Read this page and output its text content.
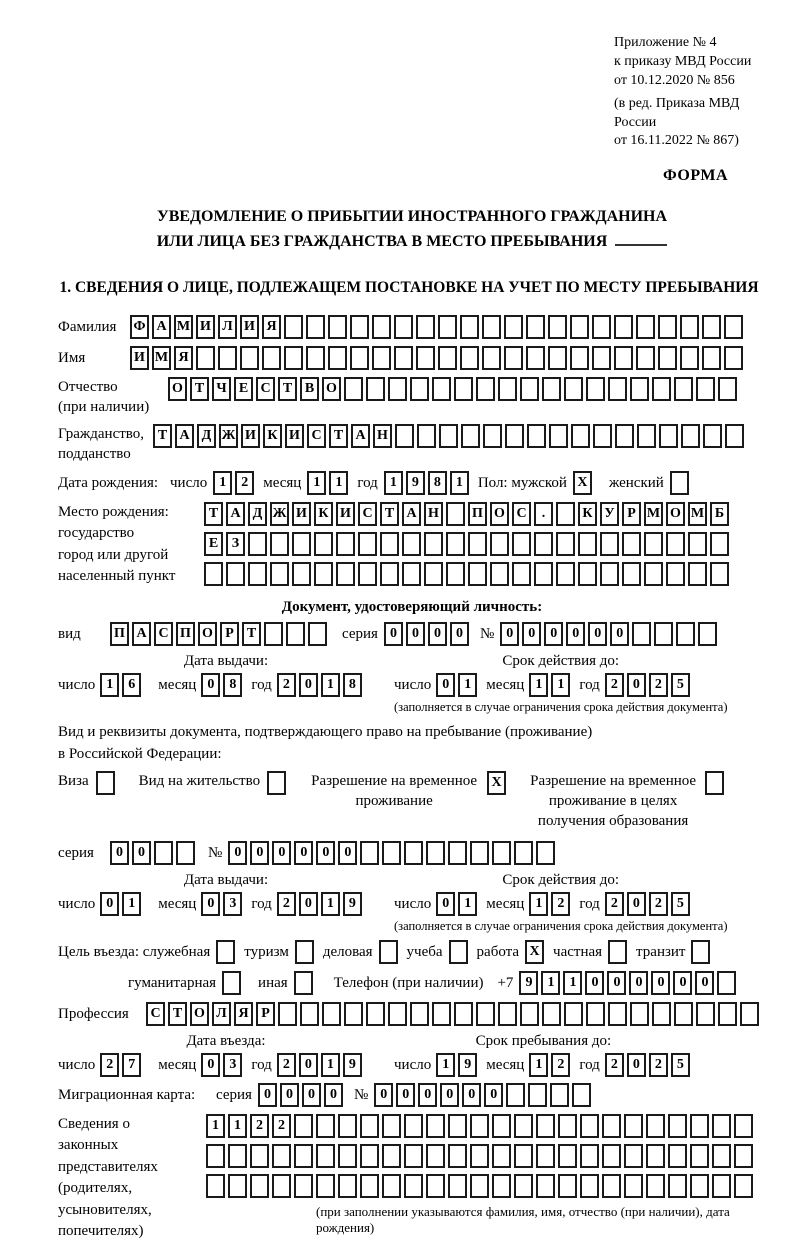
Приложение № 4
к приказу МВД России
от 10.12.2020 № 856
(в ред. Приказа МВД России
от 16.11.2022 № 867)
ФОРМА
УВЕДОМЛЕНИЕ О ПРИБЫТИИ ИНОСТРАННОГО ГРАЖДАНИНА
ИЛИ ЛИЦА БЕЗ ГРАЖДАНСТВА В МЕСТО ПРЕБЫВАНИЯ
1. СВЕДЕНИЯ О ЛИЦЕ, ПОДЛЕЖАЩЕМ ПОСТАНОВКЕ НА УЧЕТ ПО МЕСТУ ПРЕБЫВАНИЯ
Фамилия	Ф А М И Л И Я
Имя	И М Я
Отчество
(при наличии)
О Т Ч Е С Т В О
Гражданство,
подданство
Т А Д Ж И К И С Т А Н
Дата рождения: число 1	2	месяц 1	1	год 1	9	8	1	Пол: мужской X женский
Место рождения:
государство
город или другой
населенный пункт
Т А Д Ж И К И С Т А Н П О С	.	К У Р М О М Б
Е З
Документ, удостоверяющий личность:
вид	П А С П О Р Т	серия 0	0	0	0	№ 0	0	0	0	0	0
Дата выдачи:
число 1	6	месяц 0	8	год 2	0	1	8
Срок действия до:
число 0	1	месяц 1	1	год 2	0	2	5
(заполняется в случае ограничения срока действия документа)
Вид и реквизиты документа, подтверждающего право на пребывание (проживание)
в Российской Федерации:
Виза	Вид на жительство	Разрешение на временное
проживание
X Разрешение на временное
проживание в целях
получения образования
серия	0	0	№ 0	0	0	0	0	0
Дата выдачи:
число 0	1	месяц 0	3	год 2	0	1	9
Срок действия до:
число 0	1	месяц 1	2	год 2	0	2	5
(заполняется в случае ограничения срока действия документа)
Цель въезда: служебная туризм деловая учеба работа X частная транзит
гуманитарная	иная	Телефон (при наличии) +7 9	1	1	0	0	0	0	0	0
Профессия	С Т О Л Я Р
Дата въезда:
число 2	7	месяц 0	3	год 2	0	1	9
Срок пребывания до:
число 1	9	месяц 1	2	год 2	0	2	5
Миграционная карта:	серия 0	0	0	0	№ 0	0	0	0	0	0
Сведения о
законных
представителях
(родителях,
усыновителях,
попечителях)
1	1	2	2
(при заполнении указываются фамилия, имя, отчество (при наличии), дата рождения)
